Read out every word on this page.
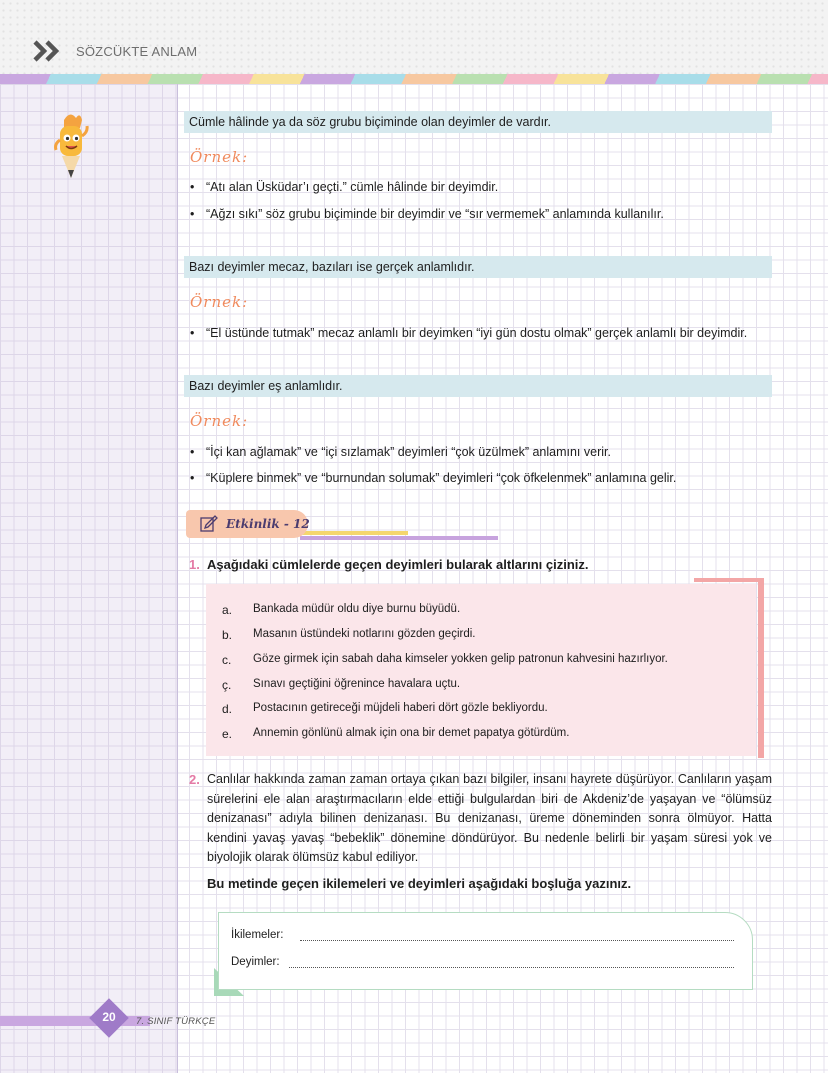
SÖZCÜKTE ANLAM
Cümle hâlinde ya da söz grubu biçiminde olan deyimler de vardır.
Örnek:
• “Atı alan Üsküdar’ı geçti.” cümle hâlinde bir deyimdir.
• “Ağzı sıkı” söz grubu biçiminde bir deyimdir ve “sır vermemek” anlamında kullanılır.
Bazı deyimler mecaz, bazıları ise gerçek anlamlıdır.
Örnek:
• “El üstünde tutmak” mecaz anlamlı bir deyimken “iyi gün dostu olmak” gerçek anlamlı bir deyimdir.
Bazı deyimler eş anlamlıdır.
Örnek:
• “İçi kan ağlamak” ve “içi sızlamak” deyimleri “çok üzülmek” anlamını verir.
• “Küplere binmek” ve “burnundan solumak” deyimleri “çok öfkelenmek” anlamına gelir.
Etkinlik - 12
1. Aşağıdaki cümlelerde geçen deyimleri bularak altlarını çiziniz.
a. Bankada müdür oldu diye burnu büyüdü.
b. Masanın üstündeki notlarını gözden geçirdi.
c. Göze girmek için sabah daha kimseler yokken gelip patronun kahvesini hazırlıyor.
ç. Sınavı geçtiğini öğrenince havalara uçtu.
d. Postacının getireceği müjdeli haberi dört gözle bekliyordu.
e. Annemin gönlünü almak için ona bir demet papatya götürdüm.
2. Canlılar hakkında zaman zaman ortaya çıkan bazı bilgiler, insanı hayrete düşürüyor. Canlıların yaşam sürelerini ele alan araştırmacıların elde ettiği bulgulardan biri de Akdeniz’de yaşayan ve “ölümsüz denizanası” adıyla bilinen denizanası. Bu denizanası, üreme döneminden sonra ölmüyor. Hatta kendini yavaş yavaş “bebeklik” dönemine döndürüyor. Bu nedenle belirli bir yaşam süresi yok ve biyolojik olarak ölümsüz kabul ediliyor.
Bu metinde geçen ikilemeleri ve deyimleri aşağıdaki boşluğa yazınız.
İkilemeler:
Deyimler:
20	7. SINIF TÜRKÇE
